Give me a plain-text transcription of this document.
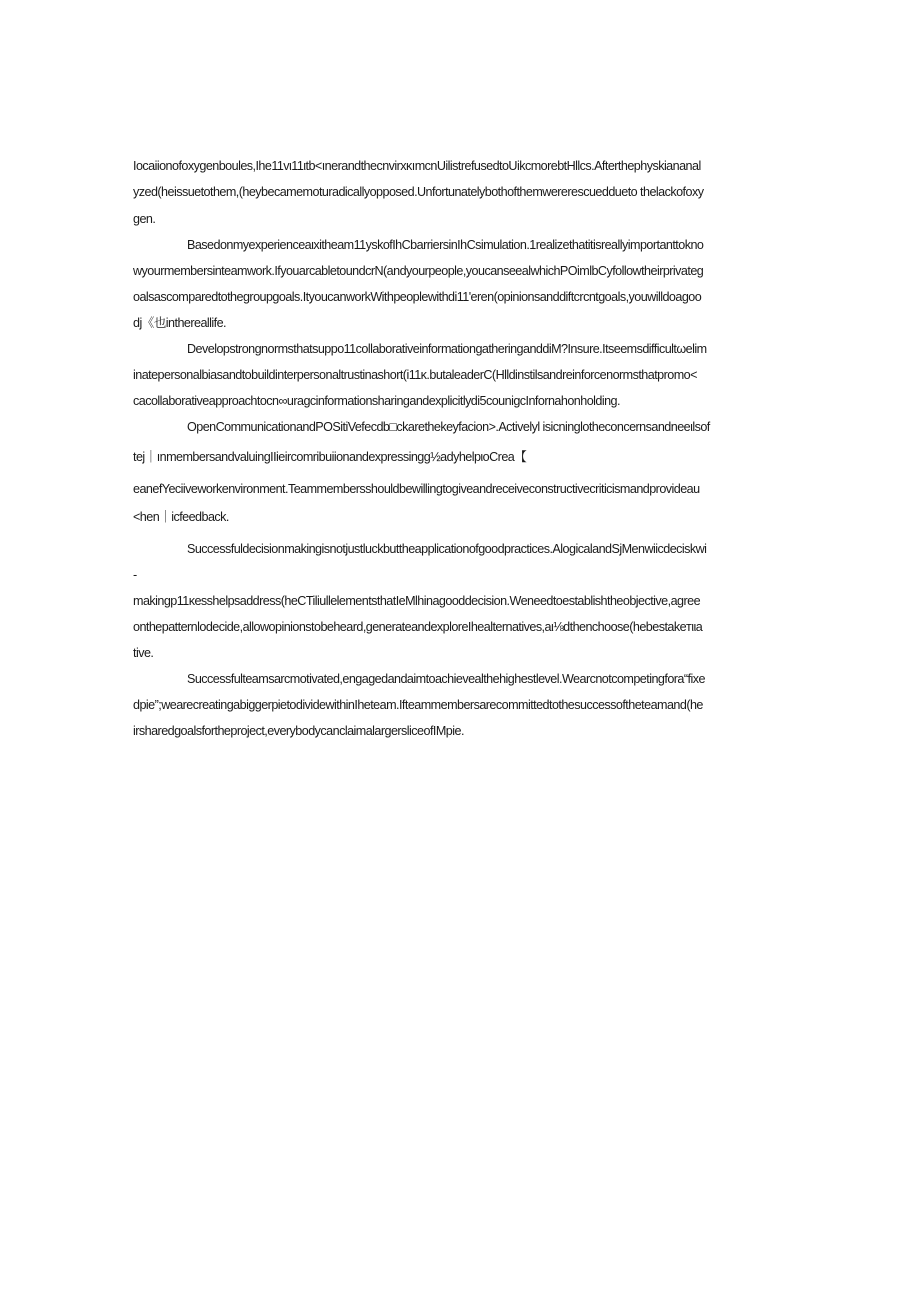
Iocaiionofoxygenboules,Ihe11vι11ιtb<ınerandthecnvirxκımcnUilistrefusedtoUikcmorebtHllcs.Afterthephyskiananal
yzed(heissuetothem,(heybecamemoturadicallyopposed.Unfortunatelybothofthemwererescueddueto thelackofoxy
gen.
Basedonmyexperienceaιxitheam11yskofIhCbarriersinIhCsimulation.1realizethatitisreallyimportanttokno
wyourmembersinteamwork.IfyouarcabletoundcrN(andyourpeople,youcanseealwhichPOimlbCyfollowtheirprivateg
oalsascomparedtothegroupgoals.ItyoucanworkWithpeoplewithdi11'eren(opinionsanddiftcrcntgoals,youwilldoagoo
dj《也inthereallife.
Developstrongnormsthatsuppo11collaborativeinformationgatheringanddiM?Insure.Itseemsdifficultωelim
inatepersonalbiasandtobuildinterpersonaltrustinashort(i11κ.butaleaderC(Hlldinstilsandreinforcenormsthatpromo<
cacollaborativeapproachtocn∞uragcinformationsharingandexplicitlydi5counigcInfornahonholding.
OpenCommunicationandPOSitiVefecdb□ckarethekeyfacion>.Activelyl isicninglotheconcernsandneeιlsof
tej｜ınmembersandvaluingIIieircomribuiionandexpressingg½adyhelpιoCrea【
eanefYeciiveworkenvironment.Teammembersshouldbewillingtogiveandreceiveconstructivecriticismandprovideau
<hen｜icfeedback.
Successfuldecisionmakingisnotjustluckbuttheapplicationofgoodpractices.AlogicalandSjMenwiicdeciskwi
-
makingp11κesshelpsaddress(heCTiliullelementsthatIeMlhinagooddecision.Weneedtoestablishtheobjective,agree
onthepatternlodecide,allowopinionstobeheard,generateandexploreIhealternatives,aι⅛dthenchoose(hebestakeтιιa
tive.
Successfulteamsarcmotivated,engagedandaimtoachievealthehighestlevel.Wearcnotcompetingfora“fixe
dpie”;wearecreatingabiggerpietodividewithinIheteam.Ifteammembersarecommittedtothesuccessoftheteamand(he
irsharedgoalsfortheproject,everybodycanclaimalargersliceofIMpie.
